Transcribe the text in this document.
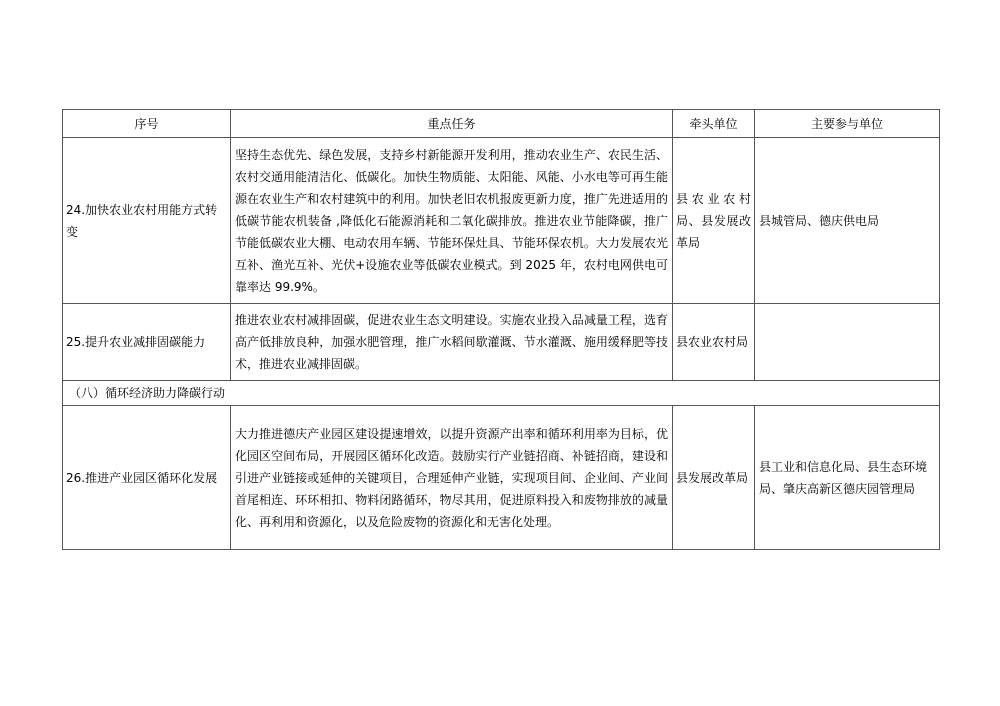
序号	重点任务	牵头单位	主要参与单位
24.加快农业农村用能方式转变	坚持生态优先、绿色发展，支持乡村新能源开发利用，推动农业生产、农民生活、农村交通用能清洁化、低碳化。加快生物质能、太阳能、风能、小水电等可再生能源在农业生产和农村建筑中的利用。加快老旧农机报废更新力度，推广先进适用的低碳节能农机装备 ,降低化石能源消耗和二氧化碳排放。推进农业节能降碳，推广节能低碳农业大棚、电动农用车辆、节能环保灶具、节能环保农机。大力发展农光互补、渔光互补、光伏+设施农业等低碳农业模式。到 2025 年，农村电网供电可靠率达 99.9%。	县农业农村局、县发展改革局	县城管局、德庆供电局
25.提升农业减排固碳能力	推进农业农村减排固碳，促进农业生态文明建设。实施农业投入品减量工程，选育高产低排放良种，加强水肥管理，推广水稻间歇灌溉、节水灌溉、施用缓释肥等技术，推进农业减排固碳。	县农业农村局	
（八）循环经济助力降碳行动			
26.推进产业园区循环化发展	大力推进德庆产业园区建设提速增效，以提升资源产出率和循环利用率为目标，优化园区空间布局，开展园区循环化改造。鼓励实行产业链招商、补链招商，建设和引进产业链接或延伸的关键项目，合理延伸产业链，实现项目间、企业间、产业间首尾相连、环环相扣、物料闭路循环，物尽其用，促进原料投入和废物排放的减量化、再利用和资源化，以及危险废物的资源化和无害化处理。	县发展改革局	县工业和信息化局、县生态环境局、肇庆高新区德庆园管理局
